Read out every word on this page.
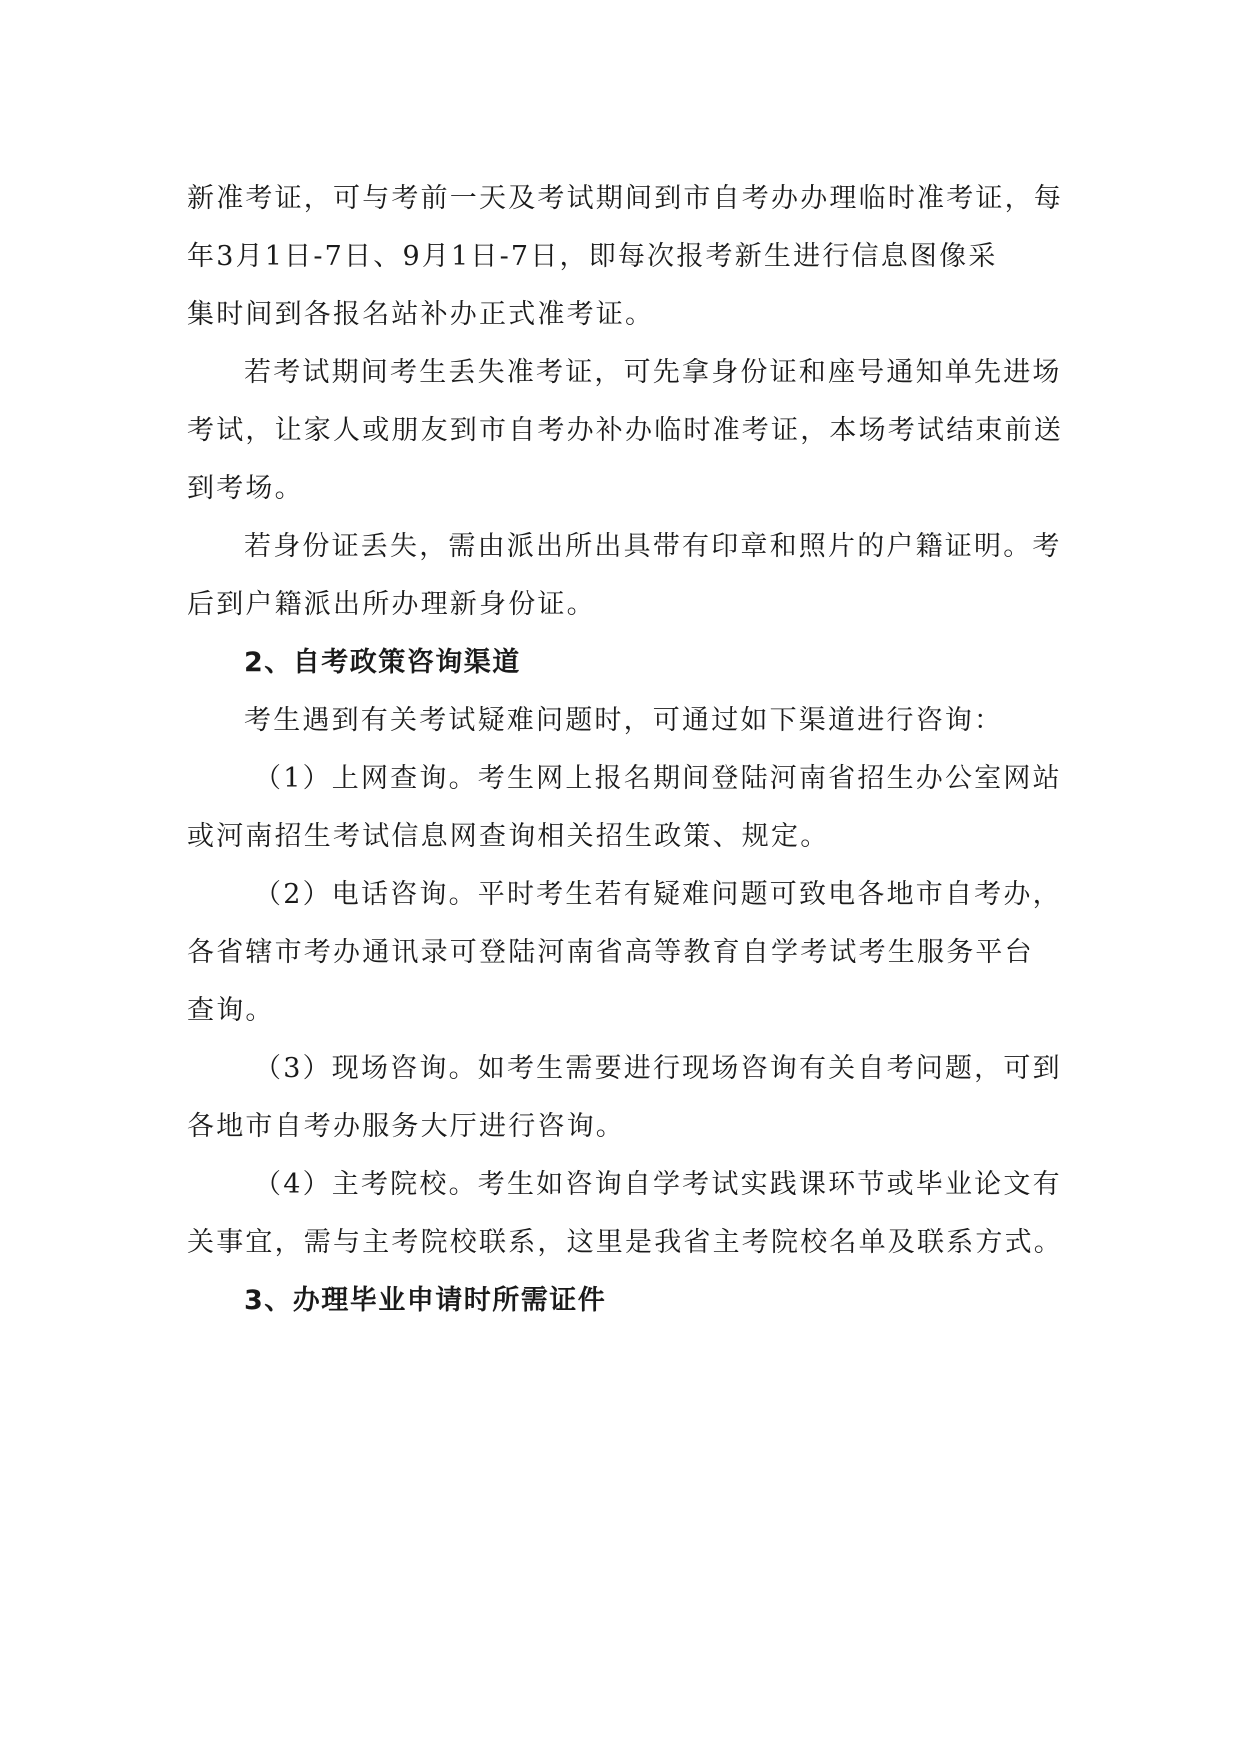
新准考证，可与考前一天及考试期间到市自考办办理临时准考证，每
年3月1日-7日、9月1日-7日，即每次报考新生进行信息图像采
集时间到各报名站补办正式准考证。
若考试期间考生丢失准考证，可先拿身份证和座号通知单先进场
考试，让家人或朋友到市自考办补办临时准考证，本场考试结束前送
到考场。
若身份证丢失，需由派出所出具带有印章和照片的户籍证明。考
后到户籍派出所办理新身份证。
2、自考政策咨询渠道
考生遇到有关考试疑难问题时，可通过如下渠道进行咨询：
（1）上网查询。考生网上报名期间登陆河南省招生办公室网站
或河南招生考试信息网查询相关招生政策、规定。
（2）电话咨询。平时考生若有疑难问题可致电各地市自考办，
各省辖市考办通讯录可登陆河南省高等教育自学考试考生服务平台
查询。
（3）现场咨询。如考生需要进行现场咨询有关自考问题，可到
各地市自考办服务大厅进行咨询。
（4）主考院校。考生如咨询自学考试实践课环节或毕业论文有
关事宜，需与主考院校联系，这里是我省主考院校名单及联系方式。
3、办理毕业申请时所需证件
